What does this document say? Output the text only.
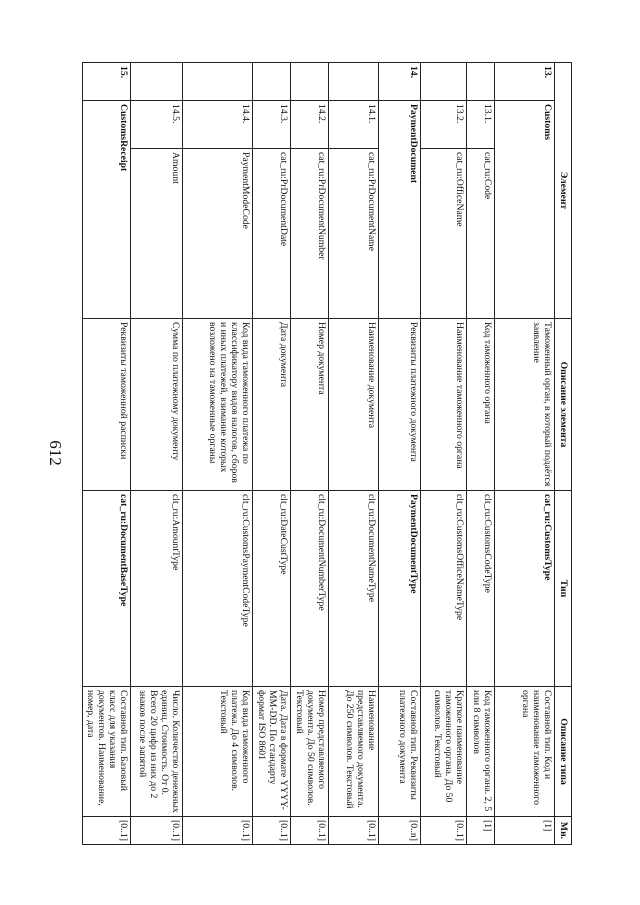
612
Элемент			Описание элемента	Тип	Описание типа	Мн.
13.	Customs		Таможенный орган, в который подаётся заявление	cat_ru:CustomsType	Составной тип. Код и наименование таможенного органа	[1]
	13.1.	cat_ru:Code	Код таможенного органа	clt_ru:CustomsCodeType	Код таможенного органа. 2, 5 или 8 символов	[1]
	13.2.	cat_ru:OfficeName	Наименование таможенного органа	clt_ru:CustomsOfficeNameType	Краткое наименование таможенного органа. До 50 символов. Текстовый	[0..1]
14.	PaymentDocument		Реквизиты платежного документа	PaymentDocumentType	Составной тип. Реквизиты платежного документа	[0..n]
	14.1.	cat_ru:PrDocumentName	Наименование документа	clt_ru:DocumentNameType	Наименование представляемого документа. До 250 символов. Текстовый	[0..1]
	14.2.	cat_ru:PrDocumentNumber	Номер документа	clt_ru:DocumentNumberType	Номер представляемого документа. До 50 символов. Текстовый	[0..1]
	14.3.	cat_ru:PrDocumentDate	Дата документа	clt_ru:DateCustType	Дата. Дата в формате YYYY-MM-DD. По стандарту формат ISO 8601	[0..1]
	14.4.	PaymentModeCode	Код вида таможенного платежа по классификатору видов налогов, сборов и иных платежей, взимание которых возложено на таможенные органы	clt_ru:CustomsPaymentCodeType	Код вида таможенного платежа. До 4 символов. Текстовый	[0..1]
	14.5.	Amount	Сумма по платежному документу	clt_ru:AmountType	Число. Количество денежных единиц. Стоимость. От 0. Всего 20 цифр из них до 2 знаков после запятой	[0..1]
15.	CustomsReceipt		Реквизиты таможенной расписки	cat_ru:DocumentBaseType	Составной тип. Базовый класс для указания документов. Наименование, номер, дата	[0..1]
